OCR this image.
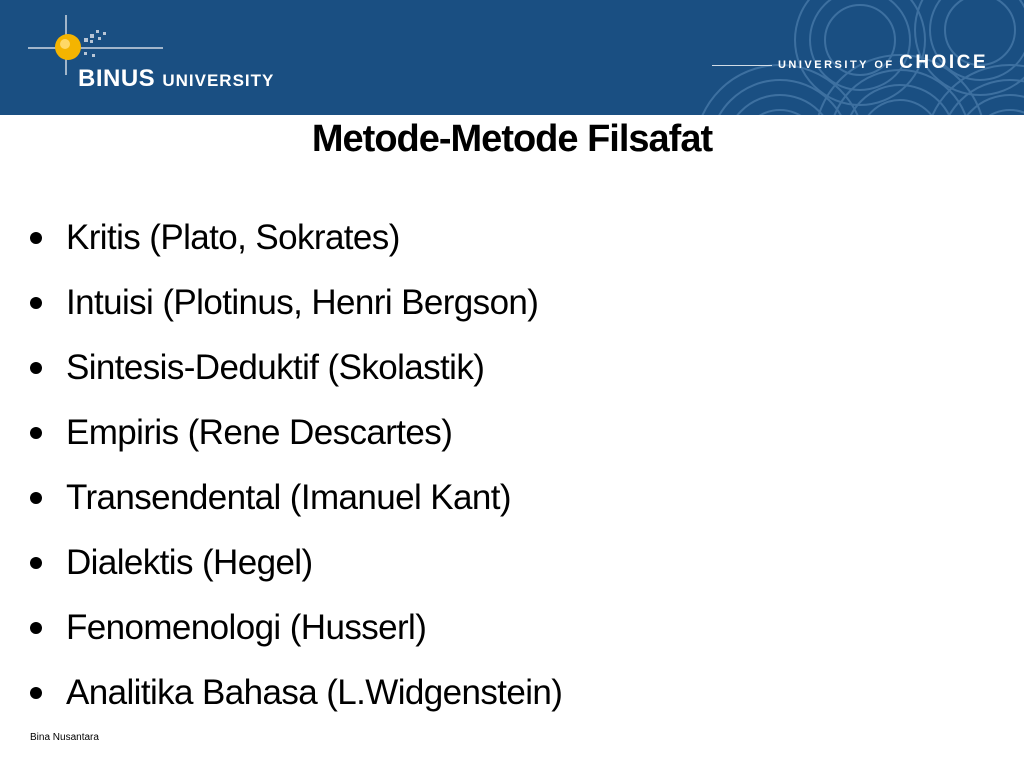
BINUS UNIVERSITY
UNIVERSITY OF CHOICE
Metode-Metode Filsafat
Kritis (Plato, Sokrates)
Intuisi (Plotinus, Henri Bergson)
Sintesis-Deduktif (Skolastik)
Empiris (Rene Descartes)
Transendental (Imanuel Kant)
Dialektis (Hegel)
Fenomenologi (Husserl)
Analitika Bahasa (L.Widgenstein)
Bina Nusantara
